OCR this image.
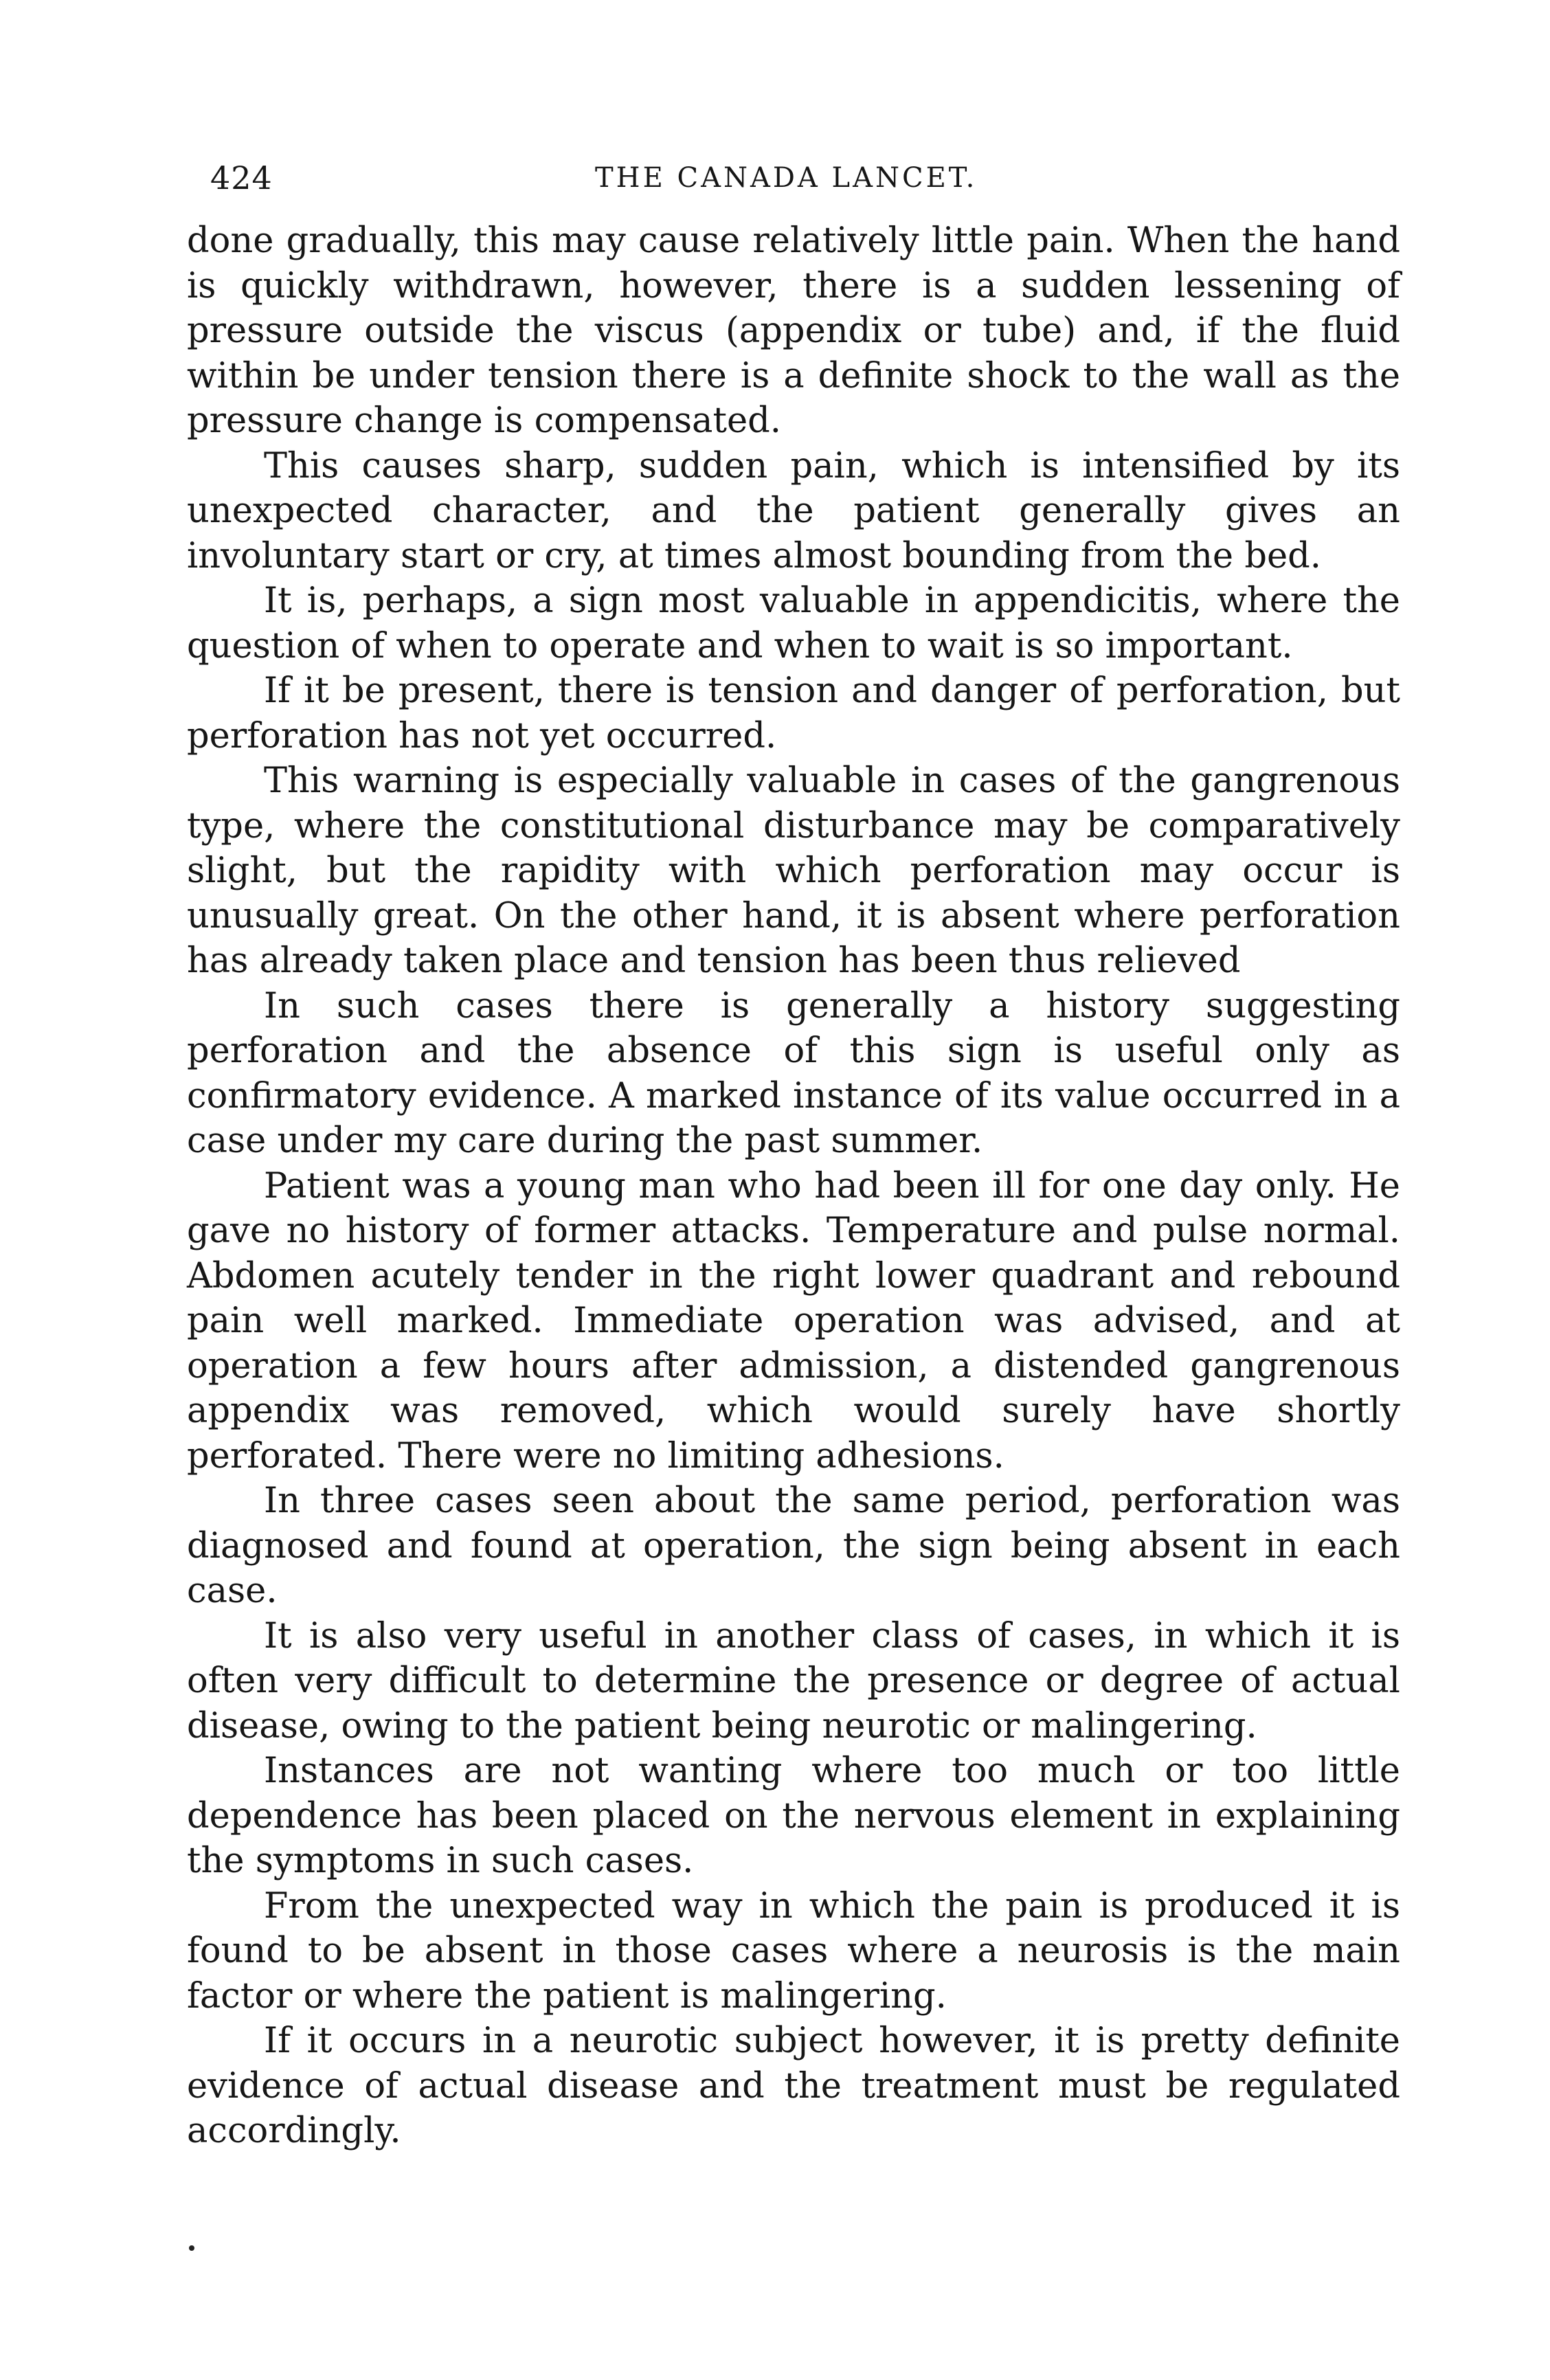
424	THE CANADA LANCET.

done gradually, this may cause relatively little pain. When the hand is quickly withdrawn, however, there is a sudden lessening of pressure outside the viscus (appendix or tube) and, if the fluid within be under tension there is a definite shock to the wall as the pressure change is compensated.

This causes sharp, sudden pain, which is intensified by its unexpected character, and the patient generally gives an involuntary start or cry, at times almost bounding from the bed.

It is, perhaps, a sign most valuable in appendicitis, where the question of when to operate and when to wait is so important.

If it be present, there is tension and danger of perforation, but perforation has not yet occurred.

This warning is especially valuable in cases of the gangrenous type, where the constitutional disturbance may be comparatively slight, but the rapidity with which perforation may occur is unusually great. On the other hand, it is absent where perforation has already taken place and tension has been thus relieved

In such cases there is generally a history suggesting perforation and the absence of this sign is useful only as confirmatory evidence. A marked instance of its value occurred in a case under my care during the past summer.

Patient was a young man who had been ill for one day only. He gave no history of former attacks. Temperature and pulse normal. Abdomen acutely tender in the right lower quadrant and rebound pain well marked. Immediate operation was advised, and at operation a few hours after admission, a distended gangrenous appendix was removed, which would surely have shortly perforated. There were no limiting adhesions.

In three cases seen about the same period, perforation was diagnosed and found at operation, the sign being absent in each case.

It is also very useful in another class of cases, in which it is often very difficult to determine the presence or degree of actual disease, owing to the patient being neurotic or malingering.

Instances are not wanting where too much or too little dependence has been placed on the nervous element in explaining the symptoms in such cases.

From the unexpected way in which the pain is produced it is found to be absent in those cases where a neurosis is the main factor or where the patient is malingering.

If it occurs in a neurotic subject however, it is pretty definite evidence of actual disease and the treatment must be regulated accordingly.
